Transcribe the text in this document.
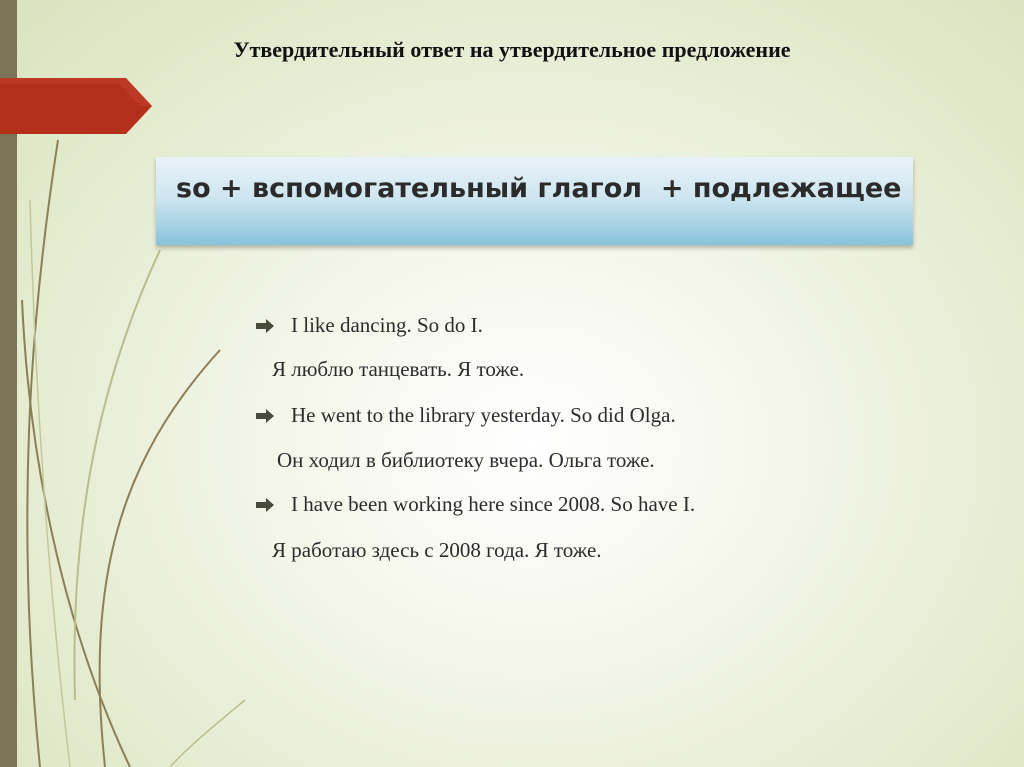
Утвердительный ответ на утвердительное предложение
so + вспомогательный глагол  + подлежащее
I like dancing. So do I.
Я люблю танцевать. Я тоже.
He went to the library yesterday. So did Olga.
Он ходил в библиотеку вчера. Ольга тоже.
I have been working here since 2008. So have I.
Я работаю здесь с 2008 года. Я тоже.
